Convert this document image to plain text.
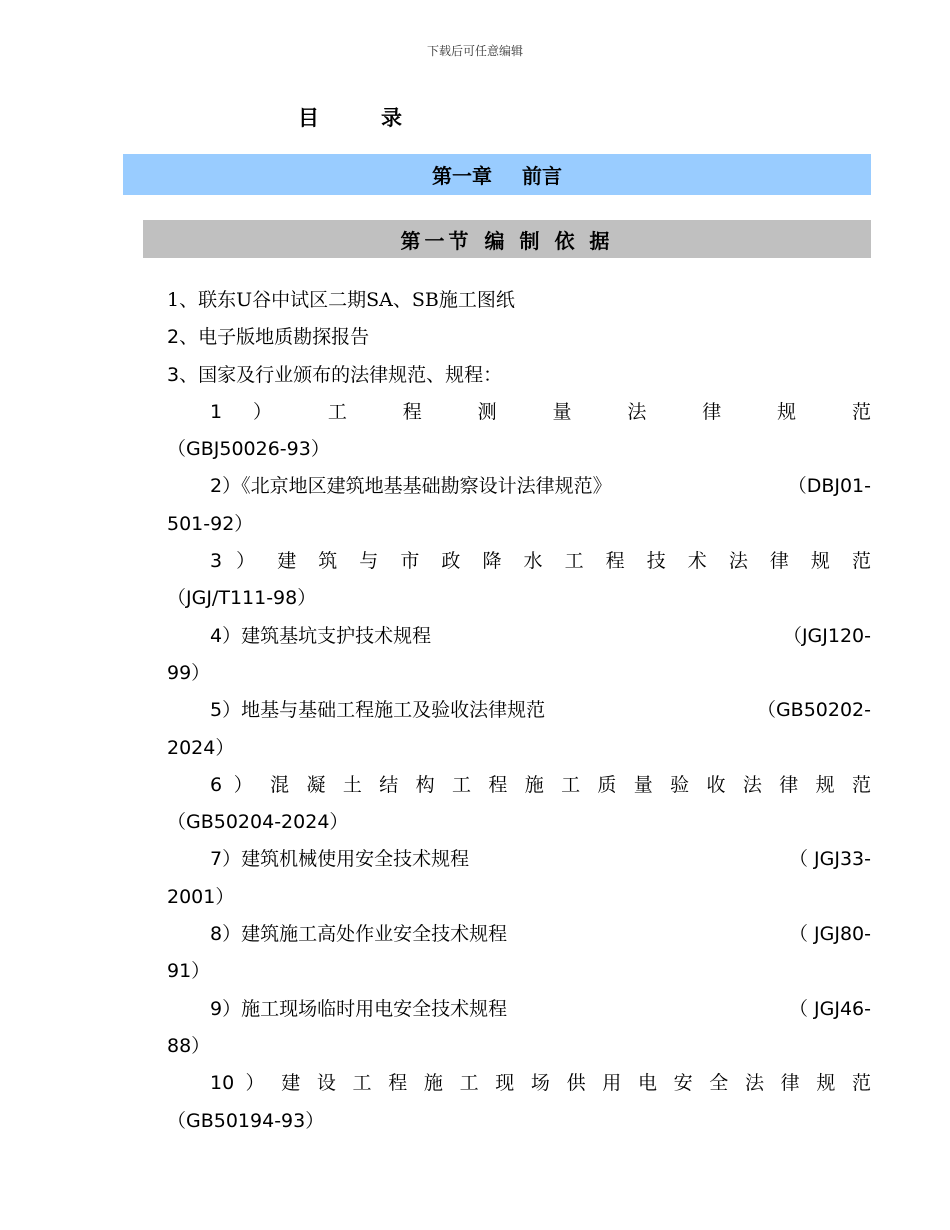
下载后可任意编辑
目	录
第一章 前言
第一节 编 制 依 据
1、联东U谷中试区二期SA、SB施工图纸
2、电子版地质勘探报告
3、国家及行业颁布的法律规范、规程：
1 ） 工 程 测 量 法 律 规 范
（GBJ50026-93）
2）《北京地区建筑地基基础勘察设计法律规范》	（DBJ01-
501-92）
3 ） 建 筑 与 市 政 降 水 工 程 技 术 法 律 规 范
（JGJ/T111-98）
4）建筑基坑支护技术规程	（JGJ120-
99）
5）地基与基础工程施工及验收法律规范	（GB50202-
2024）
6 ） 混 凝 土 结 构 工 程 施 工 质 量 验 收 法 律 规 范
（GB50204-2024）
7）建筑机械使用安全技术规程	（ JGJ33-
2001）
8）建筑施工高处作业安全技术规程	（ JGJ80-
91）
9）施工现场临时用电安全技术规程	（ JGJ46-
88）
10 ） 建 设 工 程 施 工 现 场 供 用 电 安 全 法 律 规 范
（GB50194-93）
